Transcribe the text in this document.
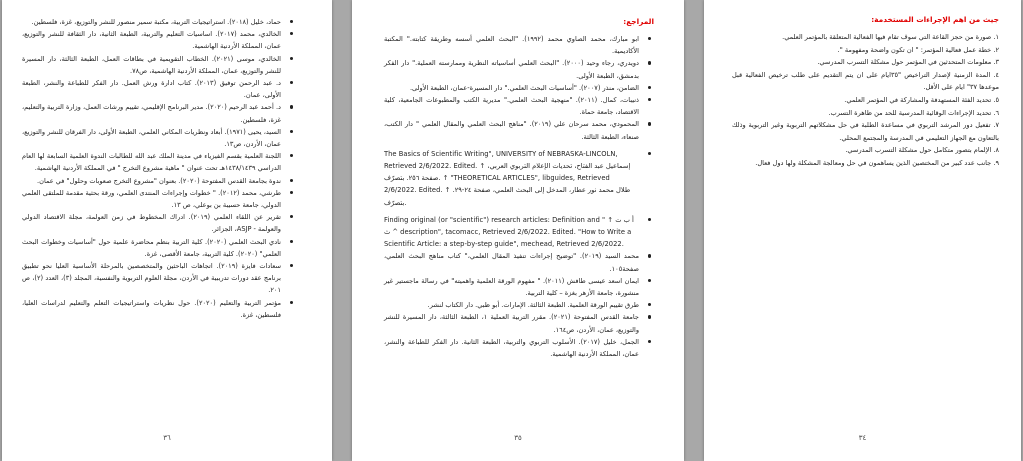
حماد، خليل (٢٠١٨). استراتيجيات التربية، مكتبة سمير منصور للنشر والتوزيع، غزة، فلسطين.
الخالدي، محمد (٢٠١٧). اساسيات التعليم والتربية، الطبعة الثانية، دار الثقافة للنشر والتوزيع، عمان، المملكة الأردنية الهاشمية.
الخالدي، موسى (٢٠٢١). الخطاب التقويمية في بطاقات العمل، الطبعة الثالثة، دار المسيرة للنشر والتوزيع، عمان، المملكة الأردنية الهاشمية، ص٧٨.
د. عبد الرحمن توفيق (٢٠١٣). كتاب ادارة ورش العمل. دار الفكر للطباعة والنشر، الطبعة الأولى، عمان.
د. أحمد عبد الرحيم (٢٠٢٠). مدير البرنامج الإقليمي، تقييم ورشات العمل، وزارة التربية والتعليم، غزة، فلسطين.
السيد، يحيى (١٩٧١). أبعاد ونظريات المكاني العلمي، الطبعة الأولى، دار الفرقان للنشر والتوزيع، عمان، الأردن، ص١٣.
اللجنة العلمية بقسم الفيزياء في مدينة الملك عبد الله للطالبات الندوة العلمية السابعة لها العام الدراسي ١٤٣٨/١٤٣٩هـ تحت عنوان " ماهية مشروع التخرج " في المملكة الأردنية الهاشمية.
ندوة بجامعة القدس المفتوحة (٢٠٢٠). بعنوان "مشروع التخرج صعوبات وحلول" في عمان.
طرشي، محمد (٢٠١٢). " خطوات وإجراءات المنتدى العلمي، ورقة بحثية مقدمة للملتقى العلمي الدولي، جامعة حسيبة بن بوعلي، ص ١٣.
تقرير عن اللقاء العلمي (٢٠١٩). ادراك المخطوط في زمن العولمة، مجلة الاقتصاد الدولي والعولمة - ASJP، الجزائر.
نادي البحث العلمي (٢٠٢٠). كلية التربية بنظم محاضرة علمية حول "أساسيات وخطوات البحث العلمي" (٢٠٢٠). كلية التربية، جامعة الأقصى، غزة.
سعادات فايزة (٢٠١٩). اتجاهات الباحثين والمتخصصين بالمرحلة الأساسية العليا نحو تطبيق برنامج عقد دورات تدريبية في الأردن، مجلة العلوم التربوية والنفسية، المجلد (٣)، العدد (٢)، ص ٢٠١.
مؤتمر التربية والتعليم (٢٠٢٠). حول نظريات واستراتيجيات التعلم والتعليم لدراسات العليا، فلسطين، غزة.
٣٦
المراجع:
ابو مبارك، محمد الصاوي محمد (١٩٩٢). "البحث العلمي أسسه وطريقة كتابته." المكتبة الأكاديمية.
دويدري، رجاء وحيد (٢٠٠٠). "البحث العلمي أساسياته النظرية وممارسته العملية." دار الفكر بدمشق، الطبعة الأولى.
الضامن، منذر (٢٠٠٧). "أساسيات البحث العلمي." دار المسيرة-عمان، الطبعة الأولى.
ذنيبات، كمال. (٢٠١١). "منهجية البحث العلمي." مديرية الكتب والمطبوعات الجامعية، كلية الاقتصاد، جامعة حماة.
المحمودي، محمد سرحان علي (٢٠١٩). "مناهج البحث العلمي والمقال العلمي " دار الكتب، صنعاء، الطبعة الثالثة.
The Basics of Scientific Writing", UNIVERSITY of NEBRASKA-LINCOLN, Retrieved 2/6/2022. Edited. ↑ إسماعيل عبد الفتاح، تحديات الإعلام التربوي العربي، صفحة ٢٥٦. بتصرّف. ↑ "THEORETICAL ARTICLES", libguides, Retrieved 2/6/2022. Edited. ↑ طلال محمد نور عطار، المدخل إلى البحث العلمي، صفحة ٢٤-٢٩. بتصرّف.
Finding original (or "scientific") research articles: Definition and " ↑ أ ب ت ث ^ description", tacomacc, Retrieved 2/6/2022. Edited. "How to Write a Scientific Article: a step-by-step guide", mechead, Retrieved 2/6/2022.
محمد السيد (٢٠١٩). "توضيح إجراءات تنفيذ المقال العلمي،" كتاب مناهج البحث العلمي، صفحة١٠٥.
ايمان اسعد عيسى طافش (٢٠١١). " مفهوم الورقة العلمية واهميته" في رسالة ماجستير غير منشورة، جامعة الأزهر بغزة – كلية التربية.
طرق تقييم الورقة العلمية. الطبعة الثالثة. الإمارات. أبو ظبي. دار الكتاب لنشر.
جامعة القدس المفتوحة (٢٠٢١). مقرر التربية العملية ١، الطبعة الثالثة، دار المسيرة للنشر والتوزيع، عمان، الأردن، ص١٦٤.
الجمل، خليل (٢٠١٧). الأسلوب التربوي والتربية، الطبعة الثانية. دار الفكر للطباعة والنشر، عمان، المملكة الأردنية الهاشمية.
٣٥
جيث من اهم الإجراءات المستخدمة:
١. صورة من حجز القاعة التي سوف تقام فيها الفعالية المتعلقة بالمؤتمر العلمي.
٢. خطة عمل فعالية المؤتمر: " ان تكون واضحة ومفهومة ".
٣. معلومات المتحدثين في المؤتمر حول مشكلة التسرب المدرسي.
٤. المدة الزمنية لإصدار التراخيص "٣٥ايام على ان يتم التقديم على طلب ترخيص الفعالية قبل موعدها ٣٧" ايام على الأقل.
٥. تحديد الفئة المستهدفة والمشاركة في المؤتمر العلمي.
٦. تحديد الإجراءات الوقائية المدرسية للحد من ظاهرة التسرب.
٧. تفعيل دور المرشد التربوي في مساعدة الطلبة في حل مشكلاتهم التربوية وغير التربوية وذلك بالتعاون مع الجهاز التعليمي في المدرسة والمجتمع المحلي.
٨. الإلمام بتصور متكامل حول مشكلة التسرب المدرسي.
٩. جانب عدد كبير من المختصين الذين يساهمون في حل ومعالجة المشكلة ولها دول فعال.
٣٤
